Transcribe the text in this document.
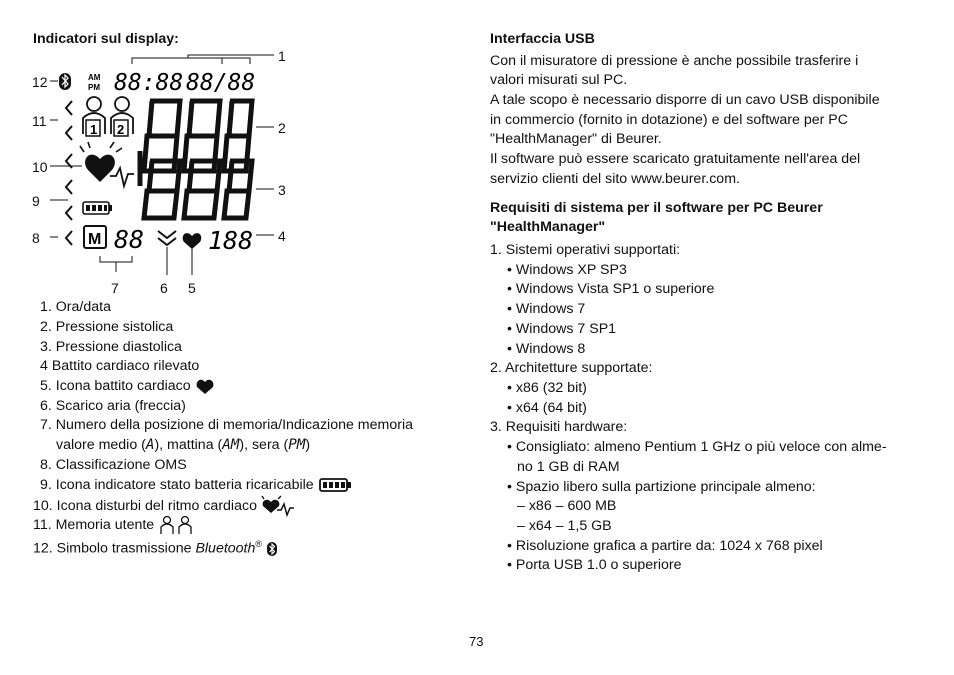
Indicatori sul display:
1
2
3
4
5
6
7
8
9
10
11
12	AM
PM 88:88 88/88
1 2
M 88	188
1. Ora/data
2. Pressione sistolica
3. Pressione diastolica
4 Battito cardiaco rilevato
5. Icona battito cardiaco
6. Scarico aria (freccia)
7. Numero della posizione di memoria/Indicazione memoria
valore medio (A), mattina (AM), sera (PM)
8. Classificazione OMS
9. Icona indicatore stato batteria ricaricabile
10. Icona disturbi del ritmo cardiaco
11. Memoria utente
12. Simbolo trasmissione Bluetooth®
Interfaccia USB
Con il misuratore di pressione è anche possibile trasferire i
valori misurati sul PC.
A tale scopo è necessario disporre di un cavo USB disponibile
in commercio (fornito in dotazione) e del software per PC
"HealthManager" di Beurer.
Il software può essere scaricato gratuitamente nell'area del
servizio clienti del sito www.beurer.com.
Requisiti di sistema per il software per PC Beurer
"HealthManager"
1. Sistemi operativi supportati:
• Windows XP SP3
• Windows Vista SP1 o superiore
• Windows 7
• Windows 7 SP1
• Windows 8
2. Architetture supportate:
• x86 (32 bit)
• x64 (64 bit)
3. Requisiti hardware:
• Consigliato: almeno Pentium 1 GHz o più veloce con alme-
no 1 GB di RAM
• Spazio libero sulla partizione principale almeno:
– x86 – 600 MB
– x64 – 1,5 GB
• Risoluzione grafica a partire da: 1024 x 768 pixel
• Porta USB 1.0 o superiore
73
